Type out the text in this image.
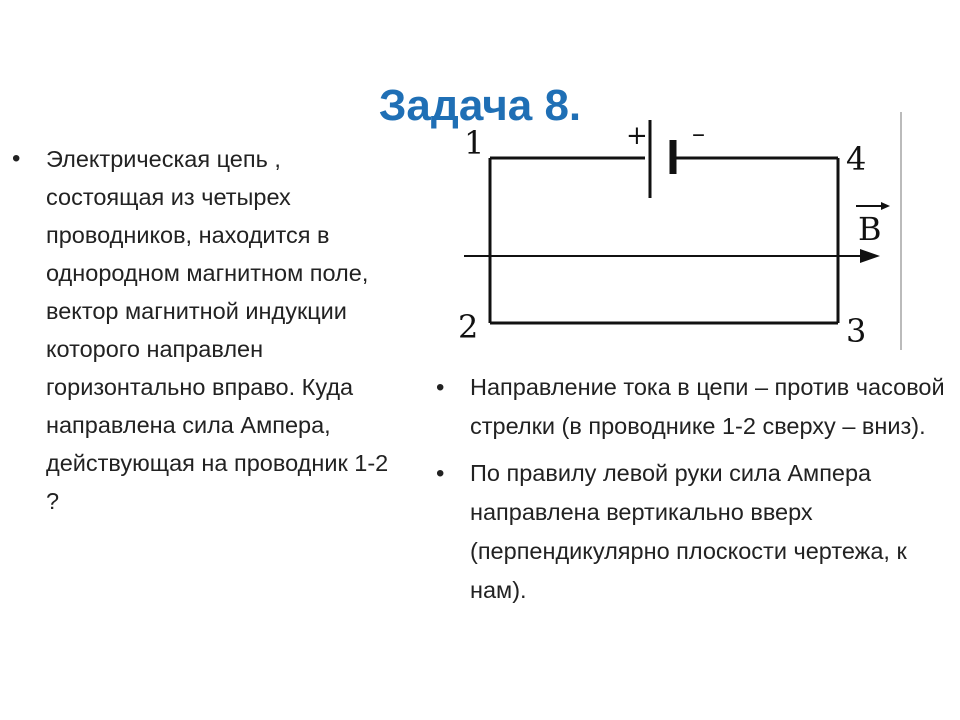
Задача 8.
• Электрическая цепь , состоящая из четырех проводников, находится в однородном магнитном поле, вектор магнитной индукции которого направлен горизонтально вправо. Куда направлена сила Ампера, действующая на проводник 1-2 ?
+ –
B
1
2	3
4
• Направление тока в цепи – против часовой стрелки (в проводнике 1-2 сверху – вниз).
• По правилу левой руки сила Ампера направлена вертикально вверх (перпендикулярно плоскости чертежа, к нам).
